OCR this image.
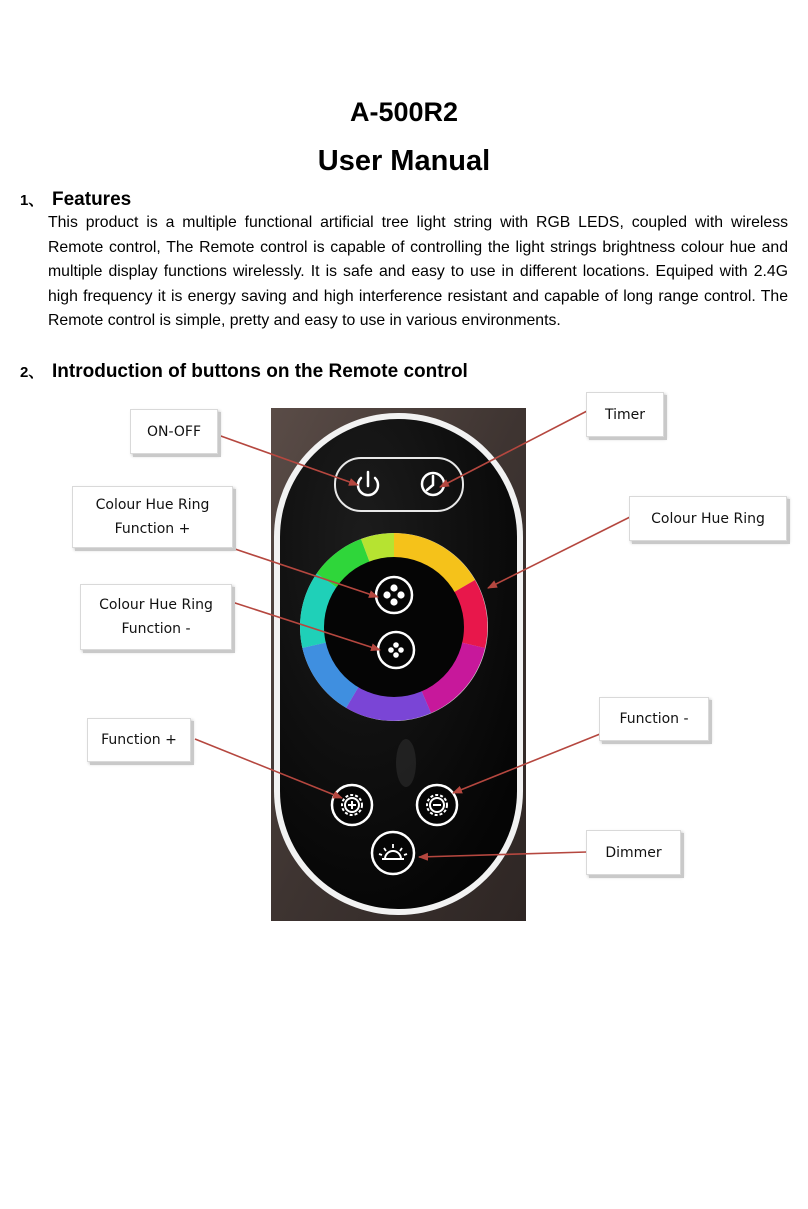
A-500R2
User Manual
1、 Features
This product is a multiple functional artificial tree light string with RGB LEDS, coupled with wireless
Remote control, The Remote control is capable of controlling the light strings brightness colour hue and
multiple display functions wirelessly. It is safe and easy to use in different locations. Equiped with 2.4G
high frequency it is energy saving and high interference resistant and capable of long range control. The
Remote control is simple, pretty and easy to use in various environments.
2、 Introduction of buttons on the Remote control
ON-OFF
Timer
Colour Hue Ring
Function +
Colour Hue Ring
Colour Hue Ring
Function -
Function -
Function +
Dimmer
